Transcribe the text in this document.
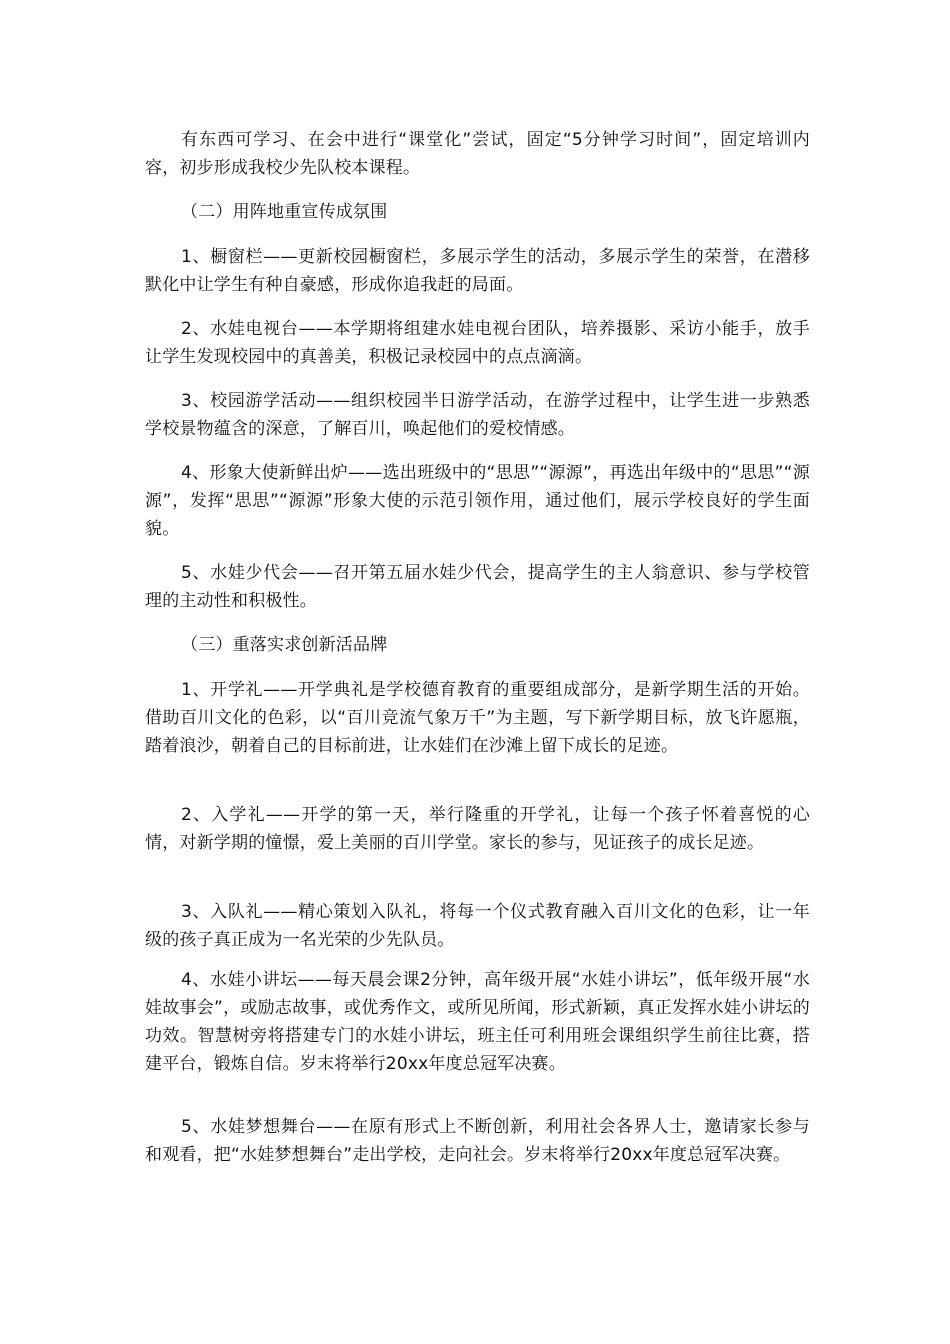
有东西可学习、在会中进行“课堂化”尝试，固定“5分钟学习时间”，固定培训内容，初步形成我校少先队校本课程。
（二）用阵地重宣传成氛围
1、橱窗栏——更新校园橱窗栏，多展示学生的活动，多展示学生的荣誉，在潜移默化中让学生有种自豪感，形成你追我赶的局面。
2、水娃电视台——本学期将组建水娃电视台团队，培养摄影、采访小能手，放手让学生发现校园中的真善美，积极记录校园中的点点滴滴。
3、校园游学活动——组织校园半日游学活动，在游学过程中，让学生进一步熟悉学校景物蕴含的深意，了解百川，唤起他们的爱校情感。
4、形象大使新鲜出炉——选出班级中的“思思”“源源”，再选出年级中的“思思”“源源”，发挥“思思”“源源”形象大使的示范引领作用，通过他们，展示学校良好的学生面貌。
5、水娃少代会——召开第五届水娃少代会，提高学生的主人翁意识、参与学校管理的主动性和积极性。
（三）重落实求创新活品牌
1、开学礼——开学典礼是学校德育教育的重要组成部分，是新学期生活的开始。借助百川文化的色彩，以“百川竞流气象万千”为主题，写下新学期目标，放飞许愿瓶，踏着浪沙，朝着自己的目标前进，让水娃们在沙滩上留下成长的足迹。
2、入学礼——开学的第一天，举行隆重的开学礼，让每一个孩子怀着喜悦的心情，对新学期的憧憬，爱上美丽的百川学堂。家长的参与，见证孩子的成长足迹。
3、入队礼——精心策划入队礼，将每一个仪式教育融入百川文化的色彩，让一年级的孩子真正成为一名光荣的少先队员。
4、水娃小讲坛——每天晨会课2分钟，高年级开展“水娃小讲坛”，低年级开展“水娃故事会”，或励志故事，或优秀作文，或所见所闻，形式新颖，真正发挥水娃小讲坛的功效。智慧树旁将搭建专门的水娃小讲坛，班主任可利用班会课组织学生前往比赛，搭建平台，锻炼自信。岁末将举行20xx年度总冠军决赛。
5、水娃梦想舞台——在原有形式上不断创新，利用社会各界人士，邀请家长参与和观看，把“水娃梦想舞台”走出学校，走向社会。岁末将举行20xx年度总冠军决赛。
